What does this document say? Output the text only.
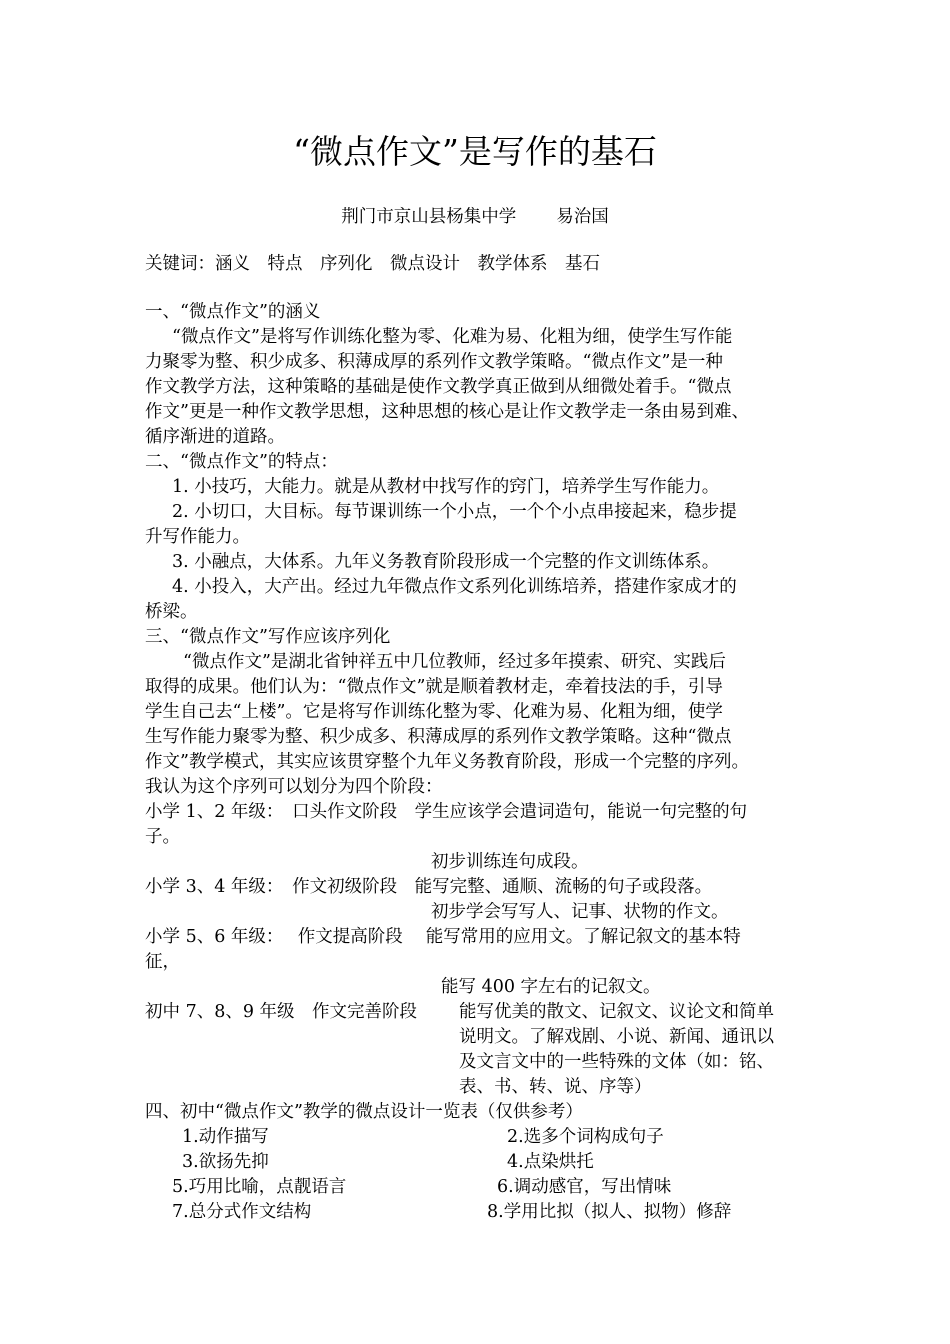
“微点作文”是写作的基石
荆门市京山县杨集中学 易治国
关键词：涵义　特点　序列化　微点设计　教学体系　基石
一、“微点作文”的涵义
“微点作文”是将写作训练化整为零、化难为易、化粗为细，使学生写作能
力聚零为整、积少成多、积薄成厚的系列作文教学策略。“微点作文”是一种
作文教学方法，这种策略的基础是使作文教学真正做到从细微处着手。“微点
作文”更是一种作文教学思想，这种思想的核心是让作文教学走一条由易到难、
循序渐进的道路。
二、“微点作文”的特点：
1. 小技巧，大能力。就是从教材中找写作的窍门，培养学生写作能力。
2. 小切口，大目标。每节课训练一个小点，一个个小点串接起来，稳步提
升写作能力。
3. 小融点，大体系。九年义务教育阶段形成一个完整的作文训练体系。
4. 小投入，大产出。经过九年微点作文系列化训练培养，搭建作家成才的
桥梁。
三、“微点作文”写作应该序列化
“微点作文”是湖北省钟祥五中几位教师，经过多年摸索、研究、实践后
取得的成果。他们认为：“微点作文”就是顺着教材走，牵着技法的手，引导
学生自己去“上楼”。它是将写作训练化整为零、化难为易、化粗为细，使学
生写作能力聚零为整、积少成多、积薄成厚的系列作文教学策略。这种“微点
作文”教学模式，其实应该贯穿整个九年义务教育阶段，形成一个完整的序列。
我认为这个序列可以划分为四个阶段：
小学 1、2 年级：　口头作文阶段　学生应该学会遣词造句，能说一句完整的句
子。
初步训练连句成段。
小学 3、4 年级：　作文初级阶段　能写完整、通顺、流畅的句子或段落。
初步学会写写人、记事、状物的作文。
小学 5、6 年级：　 作文提高阶段　 能写常用的应用文。了解记叙文的基本特
征，
能写 400 字左右的记叙文。
初中 7、8、9 年级　作文完善阶段 能写优美的散文、记叙文、议论文和简单
说明文。了解戏剧、小说、新闻、通讯以
及文言文中的一些特殊的文体（如：铭、
表、书、转、说、序等）
四、初中“微点作文”教学的微点设计一览表（仅供参考）
1.动作描写	2.选多个词构成句子
3.欲扬先抑	4.点染烘托
5.巧用比喻，点靓语言	6.调动感官，写出情味
7.总分式作文结构	8.学用比拟（拟人、拟物）修辞
